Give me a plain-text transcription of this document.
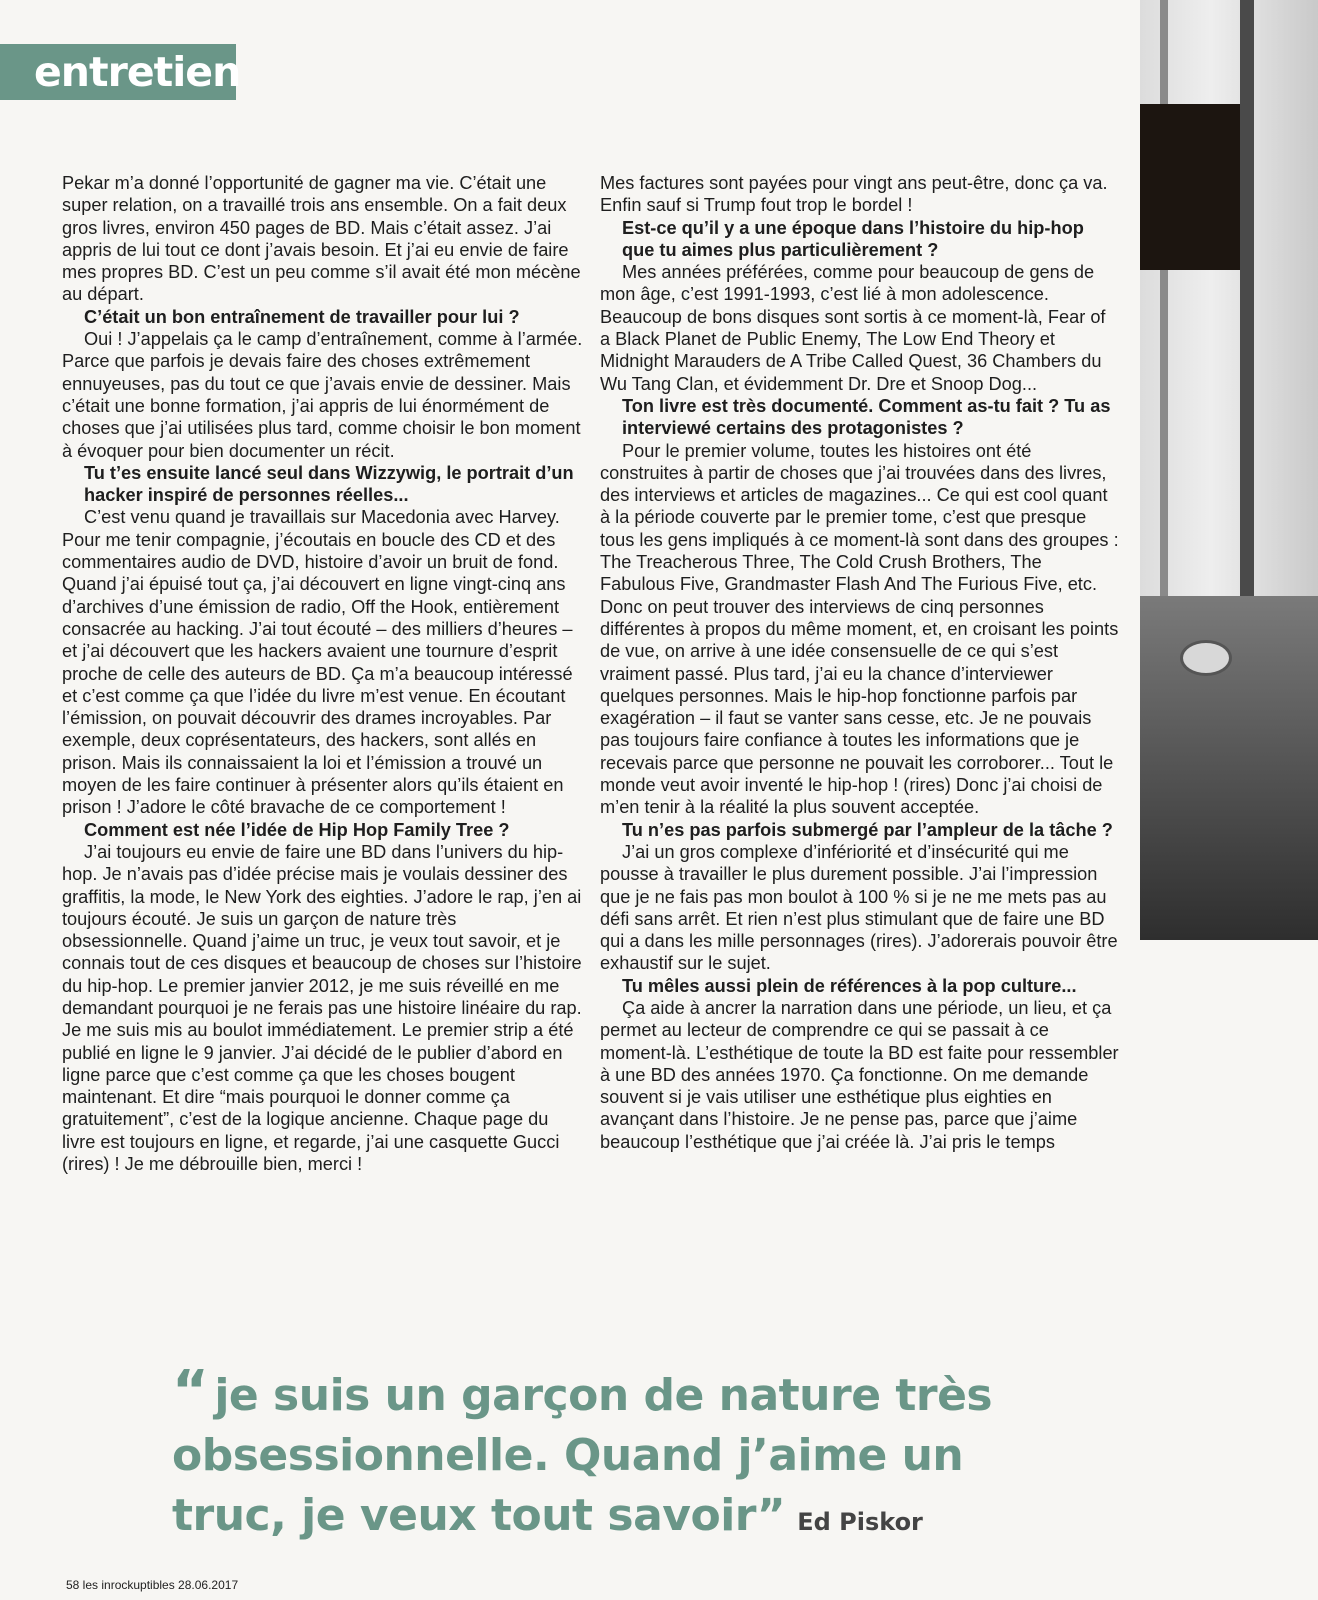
entretien

Pekar m’a donné l’opportunité de gagner ma vie. C’était une super relation, on a travaillé trois ans ensemble. On a fait deux gros livres, environ 450 pages de BD. Mais c’était assez. J’ai appris de lui tout ce dont j’avais besoin. Et j’ai eu envie de faire mes propres BD. C’est un peu comme s’il avait été mon mécène au départ.

C’était un bon entraînement de travailler pour lui ?

Oui ! J’appelais ça le camp d’entraînement, comme à l’armée. Parce que parfois je devais faire des choses extrêmement ennuyeuses, pas du tout ce que j’avais envie de dessiner. Mais c’était une bonne formation, j’ai appris de lui énormément de choses que j’ai utilisées plus tard, comme choisir le bon moment à évoquer pour bien documenter un récit.

Tu t’es ensuite lancé seul dans Wizzywig, le portrait d’un hacker inspiré de personnes réelles...

C’est venu quand je travaillais sur Macedonia avec Harvey. Pour me tenir compagnie, j’écoutais en boucle des CD et des commentaires audio de DVD, histoire d’avoir un bruit de fond. Quand j’ai épuisé tout ça, j’ai découvert en ligne vingt-cinq ans d’archives d’une émission de radio, Off the Hook, entièrement consacrée au hacking. J’ai tout écouté – des milliers d’heures – et j’ai découvert que les hackers avaient une tournure d’esprit proche de celle des auteurs de BD. Ça m’a beaucoup intéressé et c’est comme ça que l’idée du livre m’est venue. En écoutant l’émission, on pouvait découvrir des drames incroyables. Par exemple, deux coprésentateurs, des hackers, sont allés en prison. Mais ils connaissaient la loi et l’émission a trouvé un moyen de les faire continuer à présenter alors qu’ils étaient en prison ! J’adore le côté bravache de ce comportement !

Comment est née l’idée de Hip Hop Family Tree ?

J’ai toujours eu envie de faire une BD dans l’univers du hip-hop. Je n’avais pas d’idée précise mais je voulais dessiner des graffitis, la mode, le New York des eighties. J’adore le rap, j’en ai toujours écouté. Je suis un garçon de nature très obsessionnelle. Quand j’aime un truc, je veux tout savoir, et je connais tout de ces disques et beaucoup de choses sur l’histoire du hip-hop. Le premier janvier 2012, je me suis réveillé en me demandant pourquoi je ne ferais pas une histoire linéaire du rap. Je me suis mis au boulot immédiatement. Le premier strip a été publié en ligne le 9 janvier. J’ai décidé de le publier d’abord en ligne parce que c’est comme ça que les choses bougent maintenant. Et dire “mais pourquoi le donner comme ça gratuitement”, c’est de la logique ancienne. Chaque page du livre est toujours en ligne, et regarde, j’ai une casquette Gucci (rires) ! Je me débrouille bien, merci !

Mes factures sont payées pour vingt ans peut-être, donc ça va. Enfin sauf si Trump fout trop le bordel !

Est-ce qu’il y a une époque dans l’histoire du hip-hop que tu aimes plus particulièrement ?

Mes années préférées, comme pour beaucoup de gens de mon âge, c’est 1991-1993, c’est lié à mon adolescence. Beaucoup de bons disques sont sortis à ce moment-là, Fear of a Black Planet de Public Enemy, The Low End Theory et Midnight Marauders de A Tribe Called Quest, 36 Chambers du Wu Tang Clan, et évidemment Dr. Dre et Snoop Dog...

Ton livre est très documenté. Comment as-tu fait ? Tu as interviewé certains des protagonistes ?

Pour le premier volume, toutes les histoires ont été construites à partir de choses que j’ai trouvées dans des livres, des interviews et articles de magazines... Ce qui est cool quant à la période couverte par le premier tome, c’est que presque tous les gens impliqués à ce moment-là sont dans des groupes : The Treacherous Three, The Cold Crush Brothers, The Fabulous Five, Grandmaster Flash And The Furious Five, etc. Donc on peut trouver des interviews de cinq personnes différentes à propos du même moment, et, en croisant les points de vue, on arrive à une idée consensuelle de ce qui s’est vraiment passé. Plus tard, j’ai eu la chance d’interviewer quelques personnes. Mais le hip-hop fonctionne parfois par exagération – il faut se vanter sans cesse, etc. Je ne pouvais pas toujours faire confiance à toutes les informations que je recevais parce que personne ne pouvait les corroborer... Tout le monde veut avoir inventé le hip-hop ! (rires) Donc j’ai choisi de m’en tenir à la réalité la plus souvent acceptée.

Tu n’es pas parfois submergé par l’ampleur de la tâche ?

J’ai un gros complexe d’infériorité et d’insécurité qui me pousse à travailler le plus durement possible. J’ai l’impression que je ne fais pas mon boulot à 100 % si je ne me mets pas au défi sans arrêt. Et rien n’est plus stimulant que de faire une BD qui a dans les mille personnages (rires). J’adorerais pouvoir être exhaustif sur le sujet.

Tu mêles aussi plein de références à la pop culture...

Ça aide à ancrer la narration dans une période, un lieu, et ça permet au lecteur de comprendre ce qui se passait à ce moment-là. L’esthétique de toute la BD est faite pour ressembler à une BD des années 1970. Ça fonctionne. On me demande souvent si je vais utiliser une esthétique plus eighties en avançant dans l’histoire. Je ne pense pas, parce que j’aime beaucoup l’esthétique que j’ai créée là. J’ai pris le temps

“ je suis un garçon de nature très obsessionnelle. Quand j’aime un truc, je veux tout savoir” Ed Piskor
58 les inrockuptibles 28.06.2017
